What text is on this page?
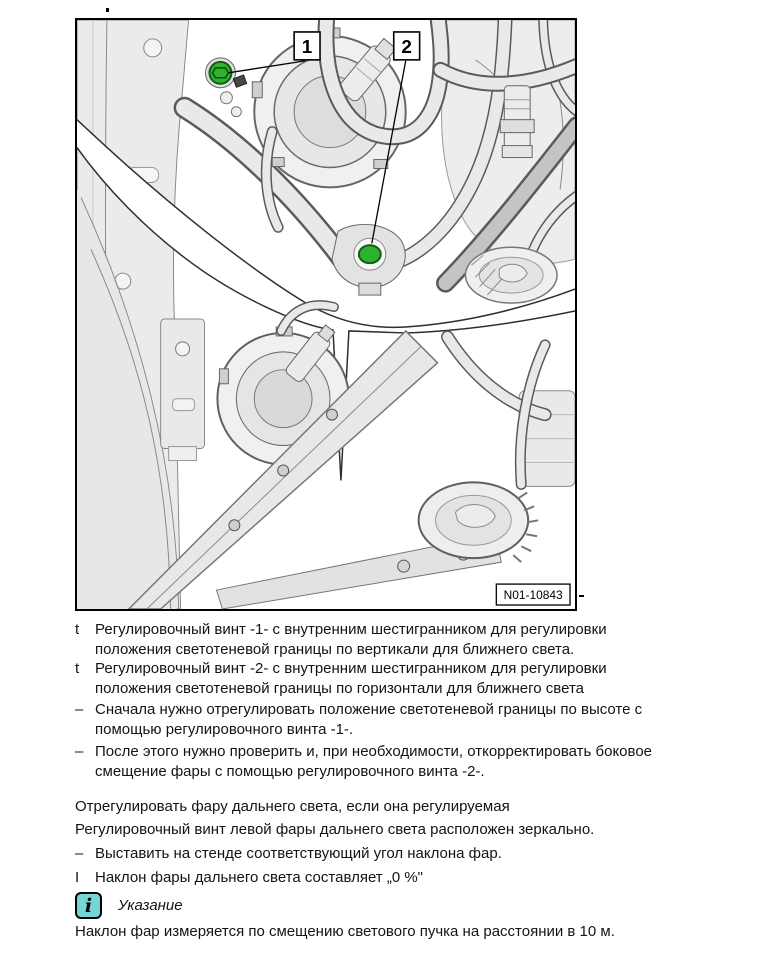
N01-10843
1	2
t	Регулировочный винт -1- с внутренним шестигранником для регулировки положения светотеневой границы по вертикали для ближнего света.
t	Регулировочный винт -2- с внутренним шестигранником для регулировки положения светотеневой границы по горизонтали для ближнего света
– Сначала нужно отрегулировать положение светотеневой границы по высоте с помощью регулировочного винта -1-.
– После этого нужно проверить и, при необходимости, откорректировать боковое смещение фары с помощью регулировочного винта -2-.

Отрегулировать фару дальнего света, если она регулируемая

Регулировочный винт левой фары дальнего света расположен зеркально.

– Выставить на стенде соответствующий угол наклона фар.
I	Наклон фары дальнего света составляет „0 %"
i Указание

Наклон фар измеряется по смещению светового пучка на расстоянии в 10 м.
